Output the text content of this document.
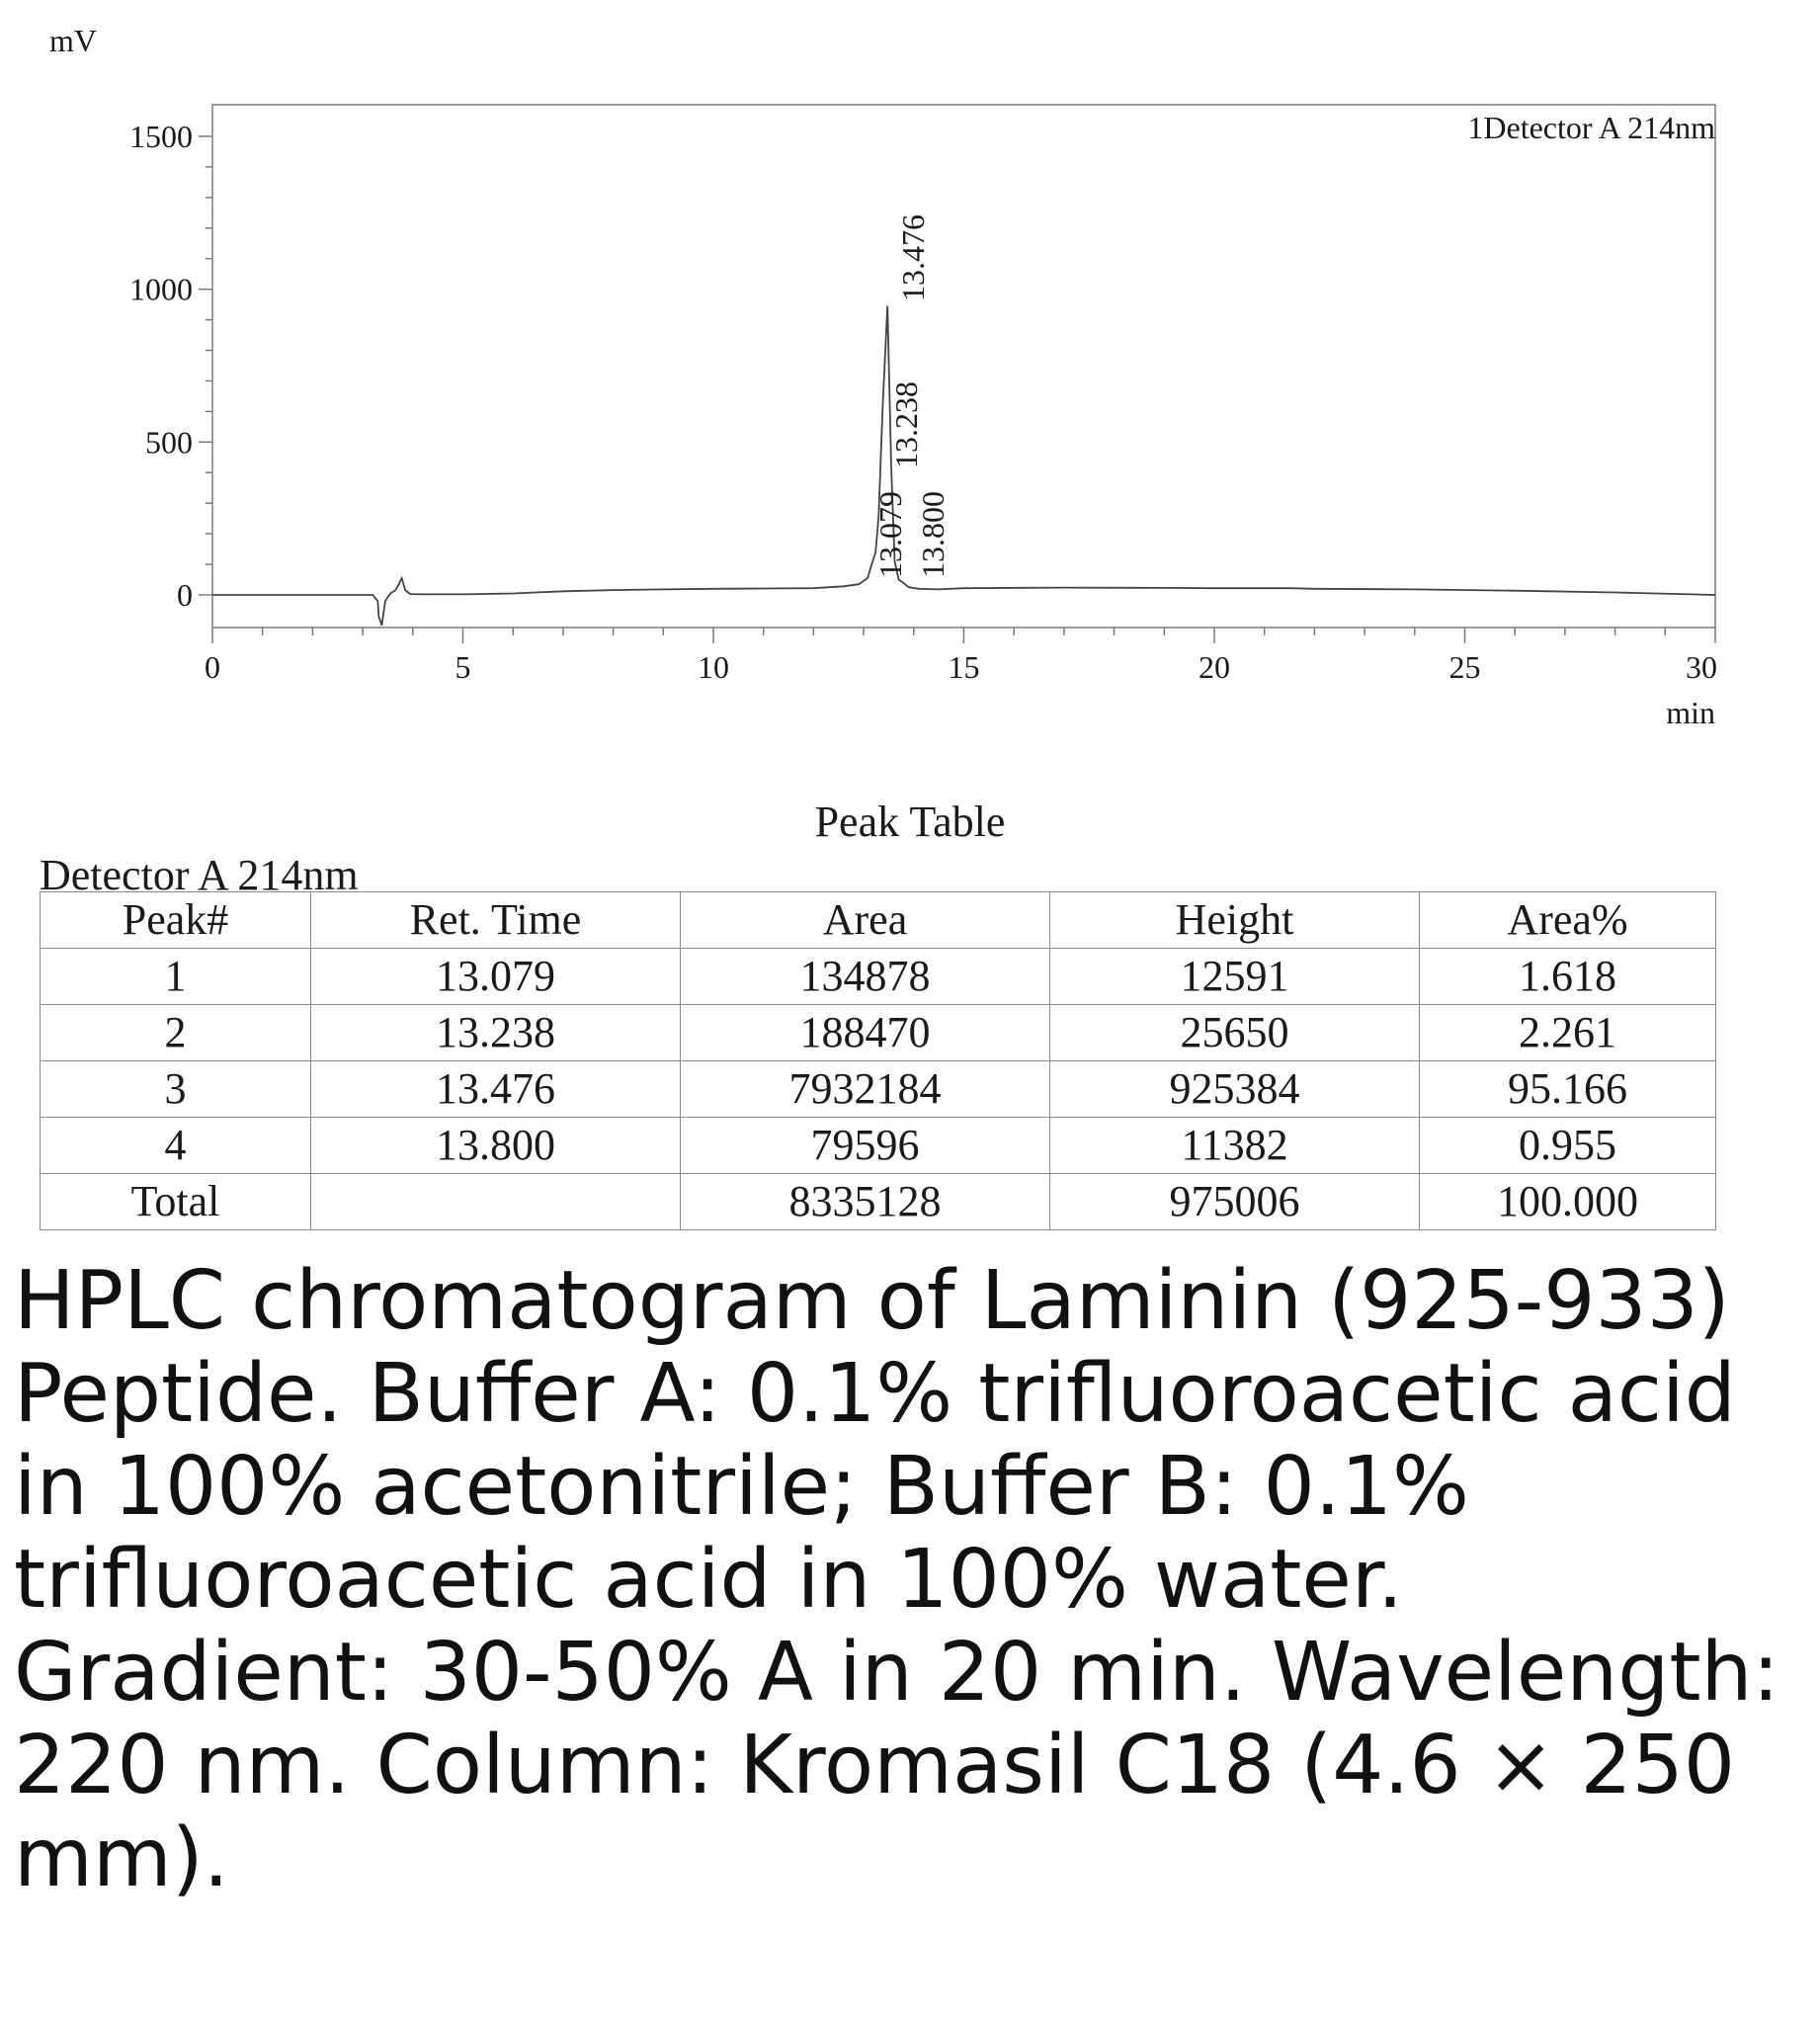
mV
1Detector A 214nm
0
500
1000
1500
0	5	10	15	20	25	30
13.476
13.238
13.079 13.800
min
Peak Table
Detector A 214nm
Peak#	Ret. Time	Area	Height	Area%
1	13.079	134878	12591	1.618
2	13.238	188470	25650	2.261
3	13.476	7932184	925384	95.166
4	13.800	79596	11382	0.955
Total		8335128	975006	100.000
HPLC chromatogram of Laminin (925-933) Peptide. Buffer A: 0.1% trifluoroacetic acid in 100% acetonitrile; Buffer B: 0.1% trifluoroacetic acid in 100% water. Gradient: 30-50% A in 20 min. Wavelength: 220 nm. Column: Kromasil C18 (4.6 × 250 mm).
